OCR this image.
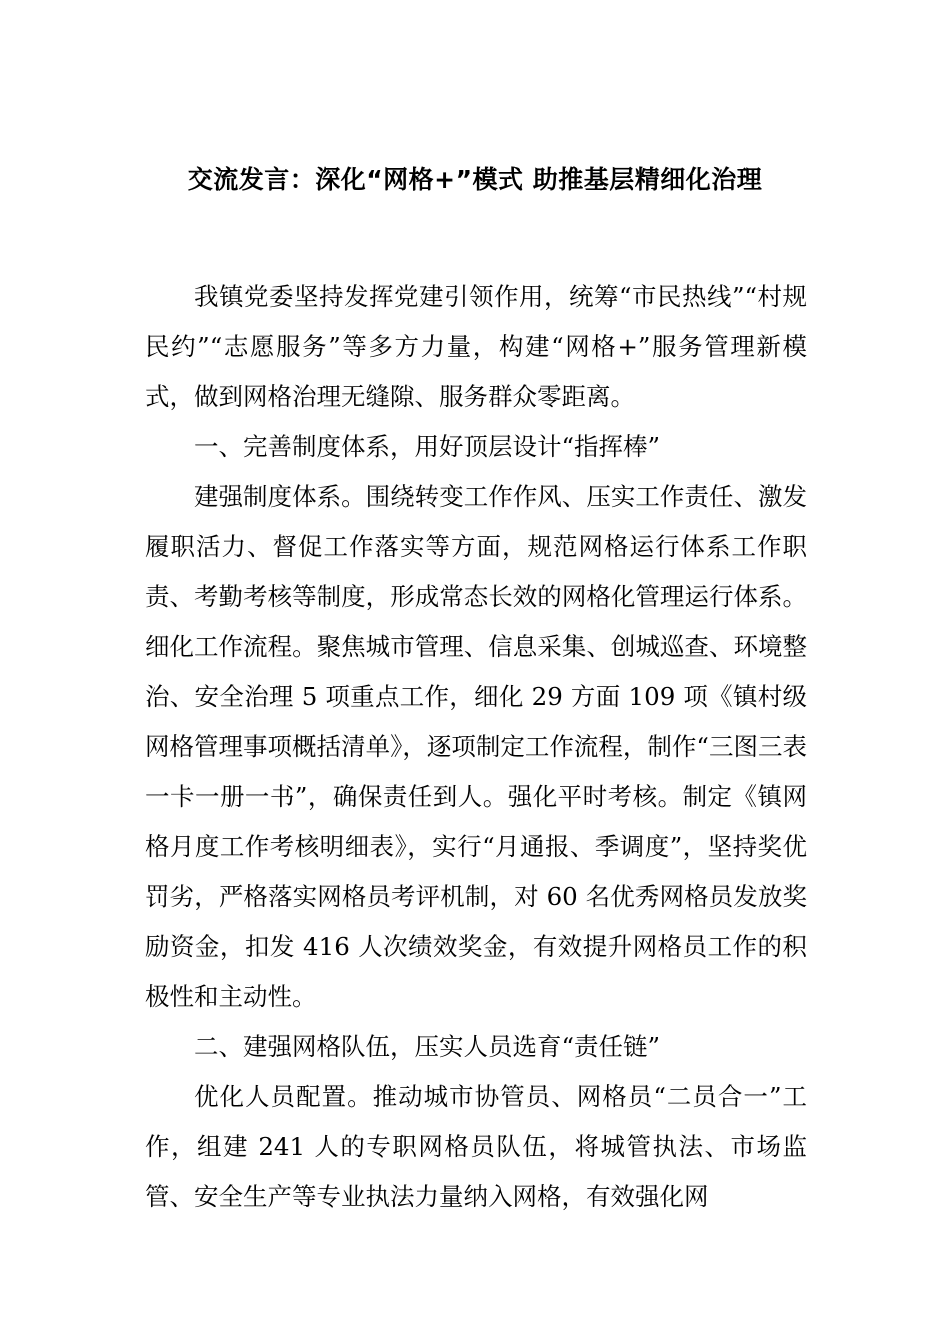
交流发言：深化“网格+”模式 助推基层精细化治理

我镇党委坚持发挥党建引领作用，统筹“市民热线”“村规民约”“志愿服务”等多方力量，构建“网格+”服务管理新模式，做到网格治理无缝隙、服务群众零距离。

一、完善制度体系，用好顶层设计“指挥棒”

建强制度体系。围绕转变工作作风、压实工作责任、激发履职活力、督促工作落实等方面，规范网格运行体系工作职责、考勤考核等制度，形成常态长效的网格化管理运行体系。细化工作流程。聚焦城市管理、信息采集、创城巡查、环境整治、安全治理 5 项重点工作，细化 29 方面 109 项《镇村级网格管理事项概括清单》，逐项制定工作流程，制作“三图三表一卡一册一书”，确保责任到人。强化平时考核。制定《镇网格月度工作考核明细表》，实行“月通报、季调度”，坚持奖优罚劣，严格落实网格员考评机制，对 60 名优秀网格员发放奖励资金，扣发 416 人次绩效奖金，有效提升网格员工作的积极性和主动性。

二、建强网格队伍，压实人员选育“责任链”

优化人员配置。推动城市协管员、网格员“二员合一”工作，组建 241 人的专职网格员队伍，将城管执法、市场监管、安全生产等专业执法力量纳入网格，有效强化网
